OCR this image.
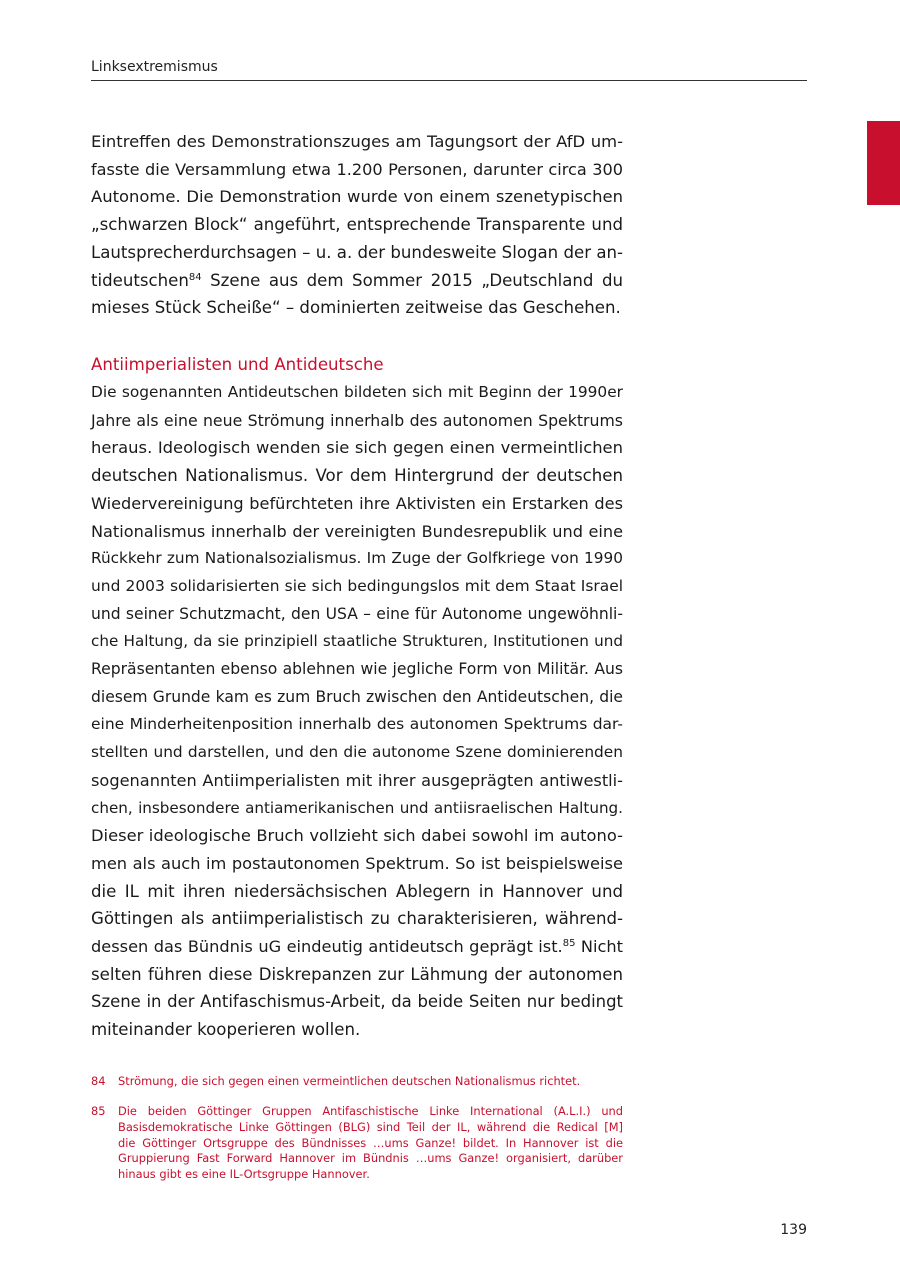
Linksextremismus
Eintreffen des Demonstrationszuges am Tagungsort der AfD um-
fasste die Versammlung etwa 1.200 Personen, darunter circa 300
Autonome. Die Demonstration wurde von einem szenetypischen
„schwarzen Block“ angeführt, entsprechende Transparente und
Lautsprecherdurchsagen – u. a. der bundesweite Slogan der an-
tideutschen$^{84}$ Szene aus dem Sommer 2015 „Deutschland du
mieses Stück Scheiße“ – dominierten zeitweise das Geschehen.
Antiimperialisten und Antideutsche
Die sogenannten Antideutschen bildeten sich mit Beginn der 1990er
Jahre als eine neue Strömung innerhalb des autonomen Spektrums
heraus. Ideologisch wenden sie sich gegen einen vermeintlichen
deutschen Nationalismus. Vor dem Hintergrund der deutschen
Wiedervereinigung befürchteten ihre Aktivisten ein Erstarken des
Nationalismus innerhalb der vereinigten Bundesrepublik und eine
Rückkehr zum Nationalsozialismus. Im Zuge der Golfkriege von 1990
und 2003 solidarisierten sie sich bedingungslos mit dem Staat Israel
und seiner Schutzmacht, den USA – eine für Autonome ungewöhnli-
che Haltung, da sie prinzipiell staatliche Strukturen, Institutionen und
Repräsentanten ebenso ablehnen wie jegliche Form von Militär. Aus
diesem Grunde kam es zum Bruch zwischen den Antideutschen, die
eine Minderheitenposition innerhalb des autonomen Spektrums dar-
stellten und darstellen, und den die autonome Szene dominierenden
sogenannten Antiimperialisten mit ihrer ausgeprägten antiwestli-
chen, insbesondere antiamerikanischen und antiisraelischen Haltung.
Dieser ideologische Bruch vollzieht sich dabei sowohl im autono-
men als auch im postautonomen Spektrum. So ist beispielsweise
die IL mit ihren niedersächsischen Ablegern in Hannover und
Göttingen als antiimperialistisch zu charakterisieren, während-
dessen das Bündnis uG eindeutig antideutsch geprägt ist.$^{85}$ Nicht
selten führen diese Diskrepanzen zur Lähmung der autonomen
Szene in der Antifaschismus-Arbeit, da beide Seiten nur bedingt
miteinander kooperieren wollen.
84 Strömung, die sich gegen einen vermeintlichen deutschen Nationalismus richtet.
85 Die beiden Göttinger Gruppen Antifaschistische Linke International (A.L.I.) und
Basisdemokratische Linke Göttingen (BLG) sind Teil der IL, während die Redical [M]
die Göttinger Ortsgruppe des Bündnisses …ums Ganze! bildet. In Hannover ist die
Gruppierung Fast Forward Hannover im Bündnis …ums Ganze! organisiert, darüber
hinaus gibt es eine IL-Ortsgruppe Hannover.
139
